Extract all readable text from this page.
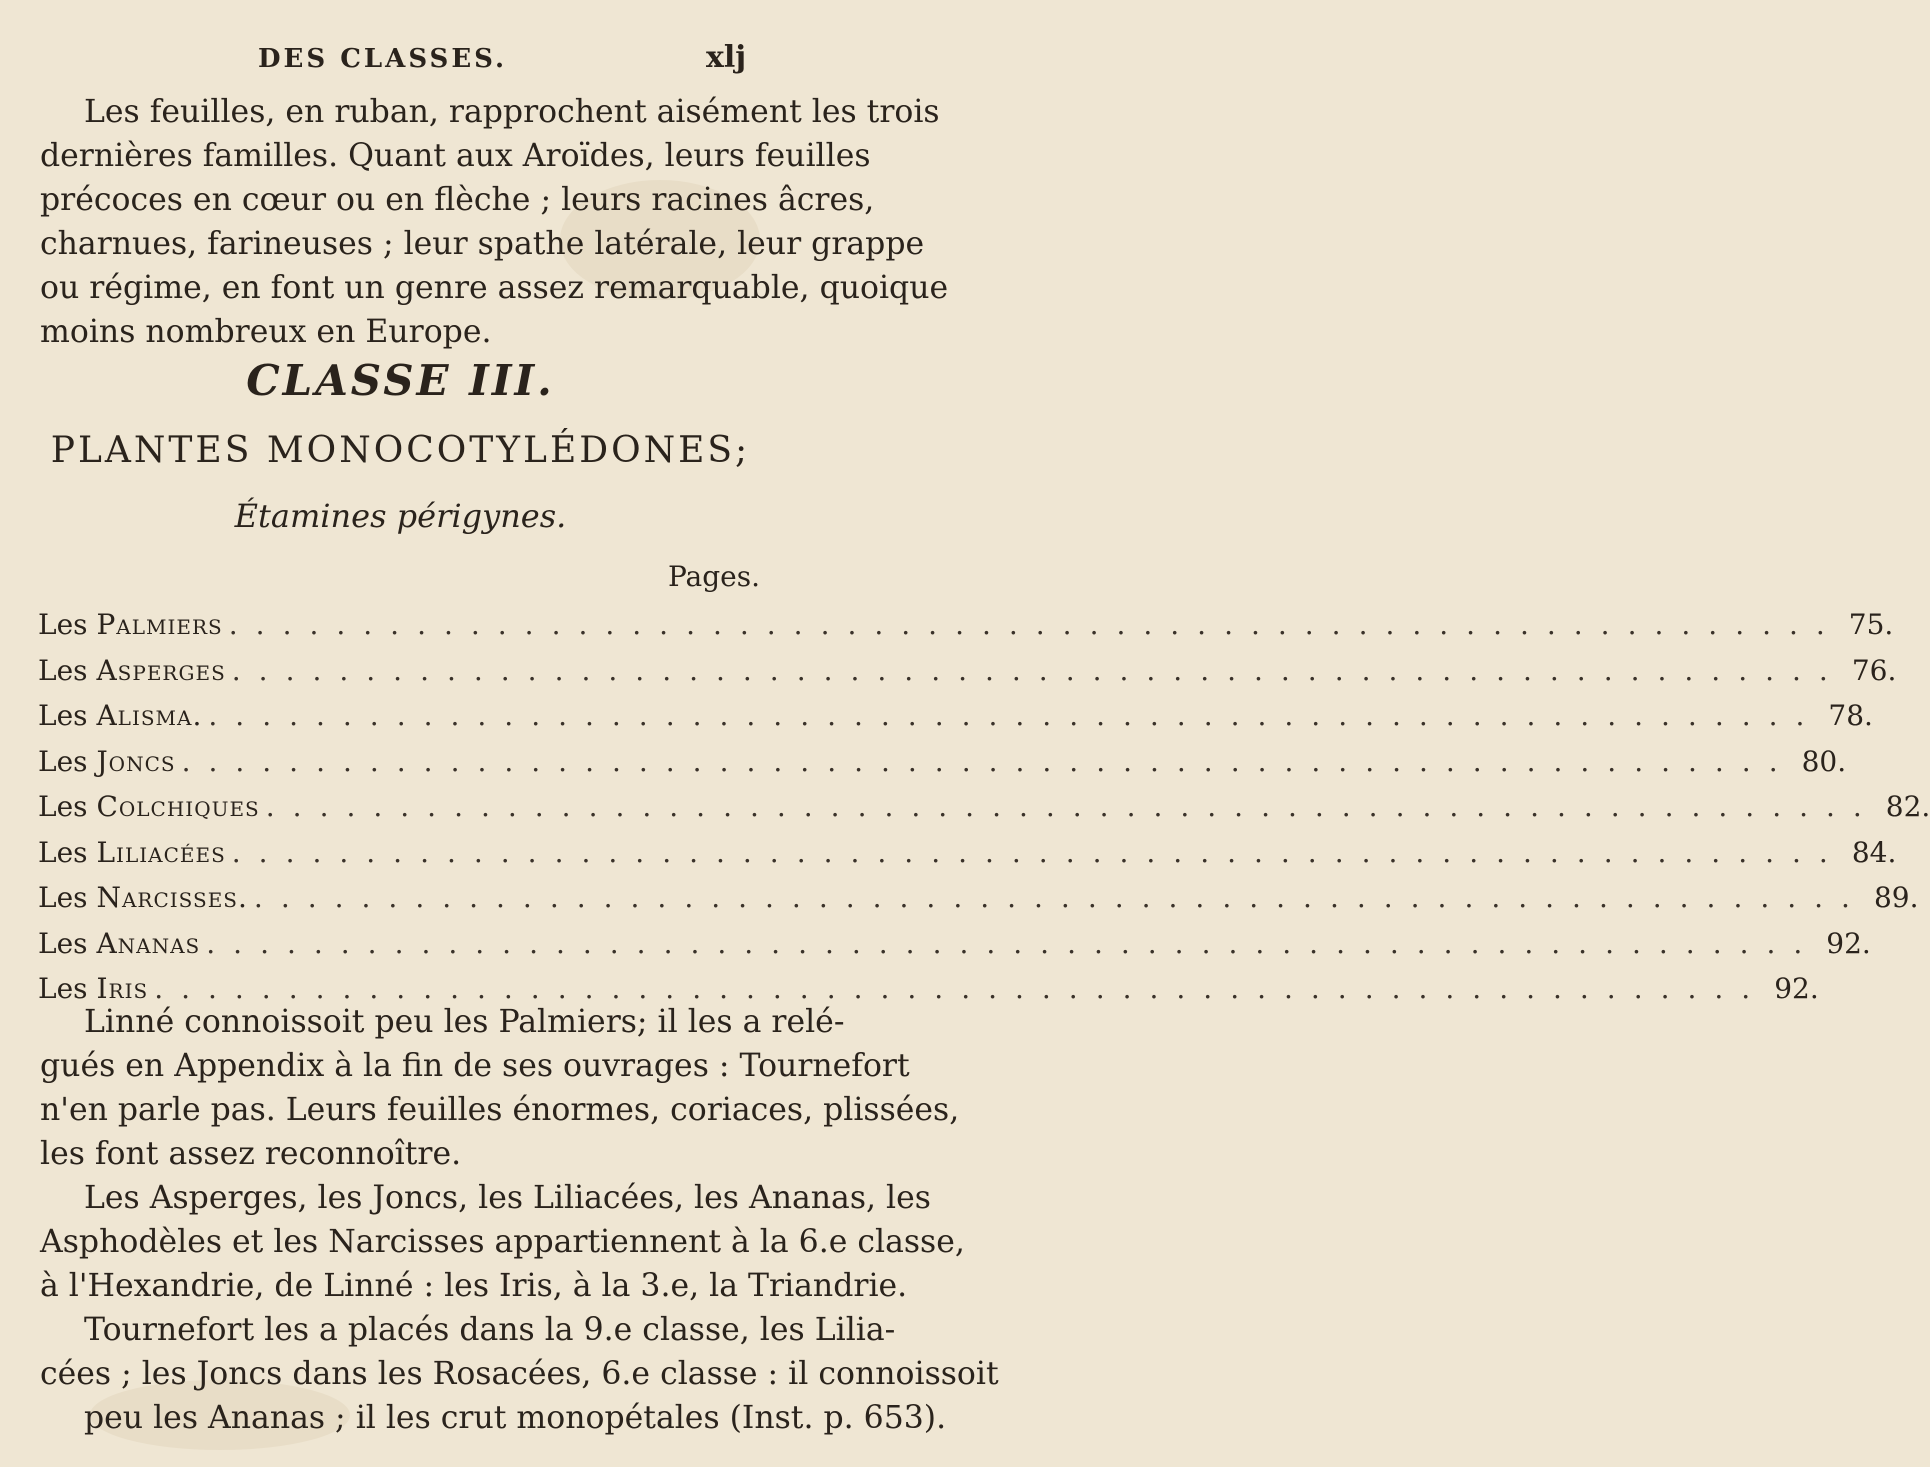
DES CLASSES.	xlj
Les feuilles, en ruban, rapprochent aisément les trois
dernières familles. Quant aux Aroïdes, leurs feuilles
précoces en cœur ou en flèche ; leurs racines âcres,
charnues, farineuses ; leur spathe latérale, leur grappe
ou régime, en font un genre assez remarquable, quoique
moins nombreux en Europe.
CLASSE III.
PLANTES MONOCOTYLÉDONES;
Étamines périgynes.
Pages.
Les Palmiers ............................................................ 75.
Les Asperges ............................................................ 76.
Les Alisma. ............................................................ 78.
Les Joncs ............................................................ 80.
Les Colchiques ............................................................ 82.
Les Liliacées ............................................................ 84.
Les Narcisses. ............................................................ 89.
Les Ananas ............................................................ 92.
Les Iris ............................................................ 92.
Linné connoissoit peu les Palmiers; il les a relé-
gués en Appendix à la fin de ses ouvrages : Tournefort
n'en parle pas. Leurs feuilles énormes, coriaces, plissées,
les font assez reconnoître.
Les Asperges, les Joncs, les Liliacées, les Ananas, les
Asphodèles et les Narcisses appartiennent à la 6.e classe,
à l'Hexandrie, de Linné : les Iris, à la 3.e, la Triandrie.
Tournefort les a placés dans la 9.e classe, les Lilia-
cées ; les Joncs dans les Rosacées, 6.e classe : il connoissoit
peu les Ananas ; il les crut monopétales (Inst. p. 653).
